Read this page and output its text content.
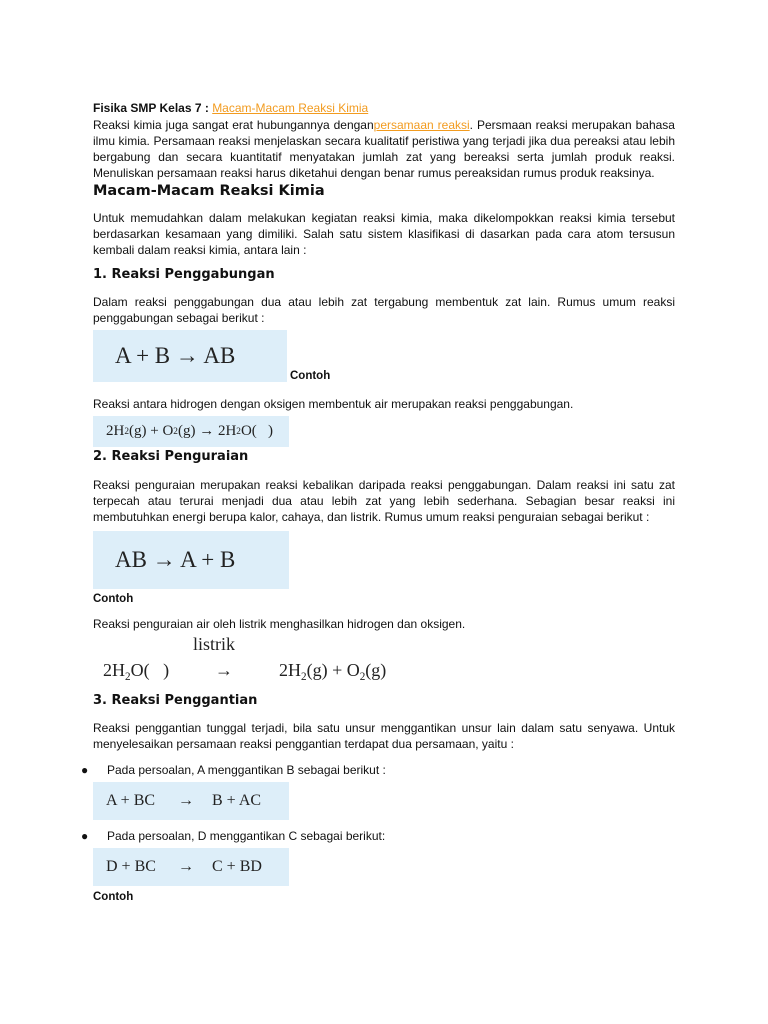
Fisika SMP Kelas 7 : Macam-Macam Reaksi Kimia

Reaksi kimia juga sangat erat hubungannya denganpersamaan reaksi. Persmaan reaksi merupakan bahasa ilmu kimia. Persamaan reaksi menjelaskan secara kualitatif peristiwa yang terjadi jika dua pereaksi atau lebih bergabung dan secara kuantitatif menyatakan jumlah zat yang bereaksi serta jumlah produk reaksi. Menuliskan persamaan reaksi harus diketahui dengan benar rumus pereaksidan rumus produk reaksinya.

Macam-Macam Reaksi Kimia

Untuk memudahkan dalam melakukan kegiatan reaksi kimia, maka dikelompokkan reaksi kimia tersebut berdasarkan kesamaan yang dimiliki. Salah satu sistem klasifikasi di dasarkan pada cara atom tersusun kembali dalam reaksi kimia, antara lain :

1. Reaksi Penggabungan

Dalam reaksi penggabungan dua atau lebih zat tergabung membentuk zat lain. Rumus umum reaksi penggabungan sebagai berikut :

A + B → AB
Contoh

Reaksi antara hidrogen dengan oksigen membentuk air merupakan reaksi penggabungan.

2H 2 (g) + O 2 (g) → 2H 2 O(   )
2. Reaksi Penguraian

Reaksi penguraian merupakan reaksi kebalikan daripada reaksi penggabungan. Dalam reaksi ini satu zat terpecah atau terurai menjadi dua atau lebih zat yang lebih sederhana. Sebagian besar reaksi ini membutuhkan energi berupa kalor, cahaya, dan listrik. Rumus umum reaksi penguraian sebagai berikut :

AB → A + B

Contoh

Reaksi penguraian air oleh listrik menghasilkan hidrogen dan oksigen.

listrik
$2H_2O$(   )	→	$2H_2(g) + O_2(g)$
3. Reaksi Penggantian

Reaksi penggantian tunggal terjadi, bila satu unsur menggantikan unsur lain dalam satu senyawa. Untuk menyelesaikan persamaan reaksi penggantian terdapat dua persamaan, yaitu :

● Pada persoalan, A menggantikan B sebagai berikut :
A + BC	→	B + AC
● Pada persoalan, D menggantikan C sebagai berikut:
D + BC	→	C + BD

Contoh
